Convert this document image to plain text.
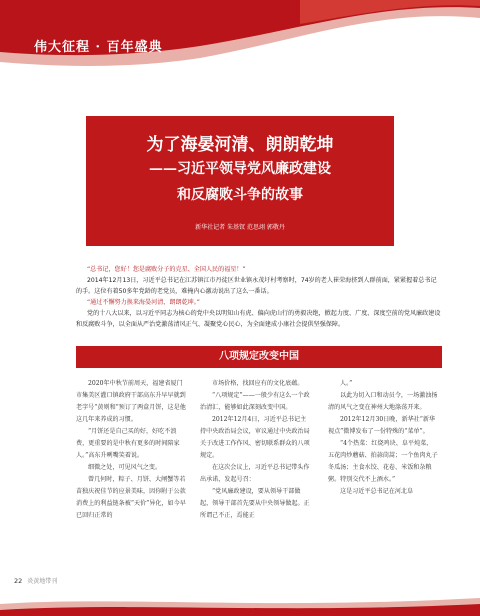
伟大征程 · 百年盛典
为了海晏河清、朗朗乾坤
——习近平领导党风廉政建设
和反腐败斗争的故事
新华社记者 朱基钗 范思翊 郭敬丹

“总书记，您好！您是腐败分子的克星、全国人民的福星！”

2014年12月13日，习近平总书记在江苏镇江市丹徒区世业镇永茂圩村考察时，74岁的老人崔荣海挤到人群前面，紧紧握着总书记的手。这位有着50多年党龄的老党员，难掩内心激动说出了这么一番话。

“通过不懈努力换来海晏河清、朗朗乾坤。”

党的十八大以来，以习近平同志为核心的党中央以明知山有虎、偏向虎山行的勇毅决绝，掀起力度、广度、深度空前的党风廉政建设和反腐败斗争，以全面从严治党激荡清风正气、凝聚党心民心，为全面建成小康社会提供坚强保障。

八项规定改变中国

2020年中秋节前周天，福建省厦门市集美区灌口镇政府干部高东升早早就到老字号“黄则和”预订了两盒月饼，这是他这几年来养成的习惯。

“月饼还是自己买的好，好吃不浪费，更重要的是中秋有更多的时间陪家人。”高东升咧嘴笑着说。

细微之处，可见风气之变。

曾几何时，粽子、月饼、大闸蟹等若苗独庆祝佳节的应景美味，因你附于公款消费上的利益链条被“天价”异化，如今早已回归正常的

市场价格，找回应有的文化底蕴。

“八项规定”——一般少有这么一个政治清汇，能够如此深刻改变中国。

2012年12月4日，习近平总书记主持中央政治局会议，审议通过中央政治局关于改进工作作风、密切联系群众的八项规定。

在这次会议上，习近平总书记带头作出承诺，发起号召：

“党风廉政建设，要从领导干部做起，领导干部首先要从中央领导做起。正所谓己不正，焉能正

人。”

以此为切入口和动员令，一场激浊扬清的风气之变在神州大地涤荡开来。

2012年12月30日晚，新华社“新华视点”微博发布了一份特殊的“菜单”。

“4个热菜：红烧鸡块、阜平炖菜、五花肉炒蘑菇、拍蒜茼蒿；一个鱼肉丸子冬瓜汤；主食水饺、花卷、米饭和杂粮粥。特别交代不上酒水。”

这是习近平总书记在河北阜

22 炎黄地带刊
